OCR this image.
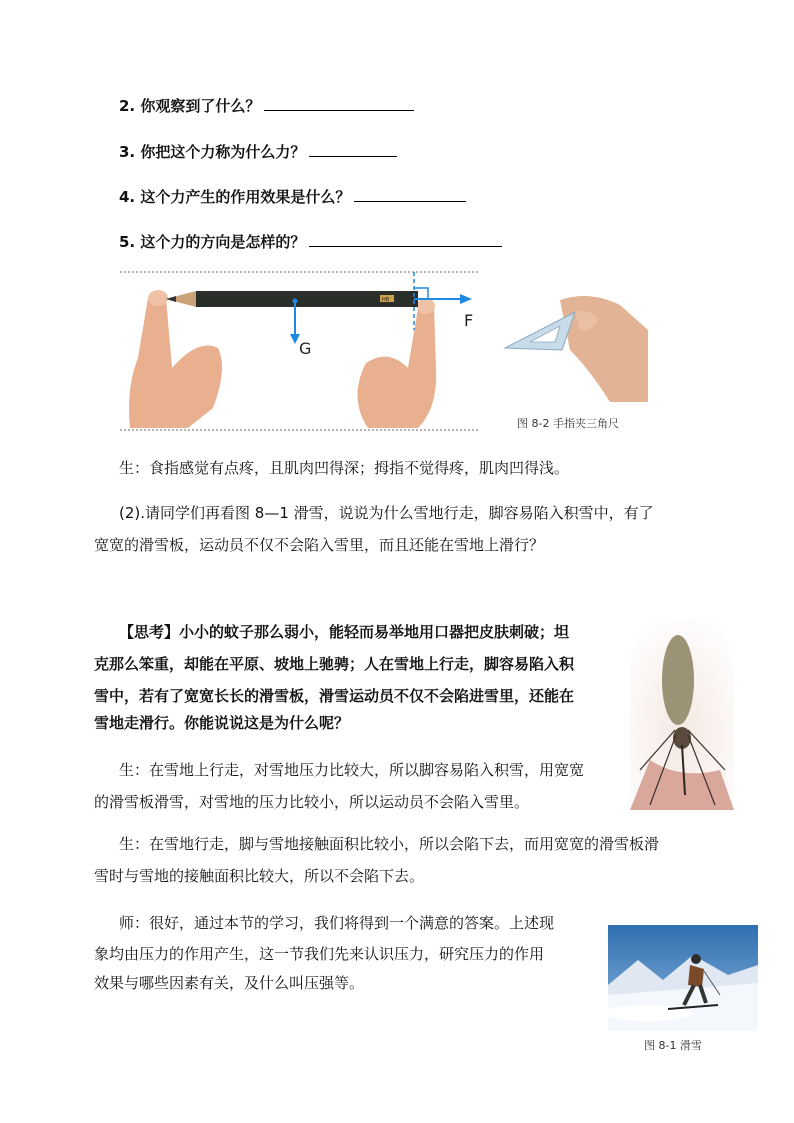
2. 你观察到了什么？
3. 你把这个力称为什么力？
4. 这个力产生的作用效果是什么？
5. 这个力的方向是怎样的？
HB
G
F
图 8-2 手指夹三角尺
生：食指感觉有点疼，且肌肉凹得深；拇指不觉得疼，肌肉凹得浅。
(2).请同学们再看图 8—1 滑雪，说说为什么雪地行走，脚容易陷入积雪中，有了
宽宽的滑雪板，运动员不仅不会陷入雪里，而且还能在雪地上滑行？
【思考】小小的蚊子那么弱小，能轻而易举地用口器把皮肤刺破；坦
克那么笨重，却能在平原、坡地上驰骋；人在雪地上行走，脚容易陷入积
雪中，若有了宽宽长长的滑雪板，滑雪运动员不仅不会陷进雪里，还能在
雪地走滑行。你能说说这是为什么呢？
生：在雪地上行走，对雪地压力比较大，所以脚容易陷入积雪，用宽宽
的滑雪板滑雪，对雪地的压力比较小，所以运动员不会陷入雪里。
生：在雪地行走，脚与雪地接触面积比较小，所以会陷下去，而用宽宽的滑雪板滑
雪时与雪地的接触面积比较大，所以不会陷下去。
师：很好，通过本节的学习，我们将得到一个满意的答案。上述现
象均由压力的作用产生，这一节我们先来认识压力，研究压力的作用
效果与哪些因素有关，及什么叫压强等。
图 8-1 滑雪
